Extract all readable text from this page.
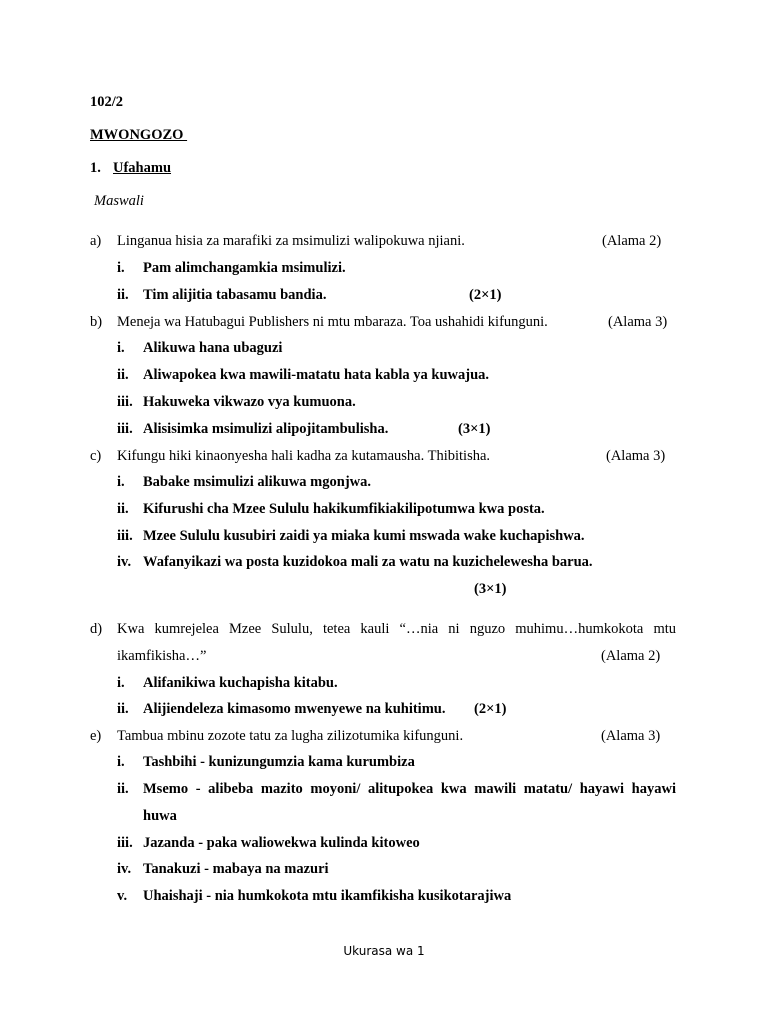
102/2
MWONGOZO
1. Ufahamu
Maswali
a) Linganua hisia za marafiki za msimulizi walipokuwa njiani.	(Alama 2)
i. Pam alimchangamkia msimulizi.
ii. Tim alijitia tabasamu bandia.	(2×1)
b) Meneja wa Hatubagui Publishers ni mtu mbaraza. Toa ushahidi kifunguni.	(Alama 3)
i. Alikuwa hana ubaguzi
ii. Aliwapokea kwa mawili-matatu hata kabla ya kuwajua.
iii. Hakuweka vikwazo vya kumuona.
iii. Alisisimka msimulizi alipojitambulisha.	(3×1)
c) Kifungu hiki kinaonyesha hali kadha za kutamausha. Thibitisha.	(Alama 3)
i. Babake msimulizi alikuwa mgonjwa.
ii. Kifurushi cha Mzee Sululu hakikumfikiakilipotumwa kwa posta.
iii. Mzee Sululu kusubiri zaidi ya miaka kumi mswada wake kuchapishwa.
iv. Wafanyikazi wa posta kuzidokoa mali za watu na kuzichelewesha barua.
(3×1)
d) Kwa kumrejelea Mzee Sululu, tetea kauli “…nia ni nguzo muhimu…humkokota mtu
ikamfikisha…”	(Alama 2)
i. Alifanikiwa kuchapisha kitabu.
ii. Alijiendeleza kimasomo mwenyewe na kuhitimu. (2×1)
e) Tambua mbinu zozote tatu za lugha zilizotumika kifunguni.	(Alama 3)
i. Tashbihi - kunizungumzia kama kurumbiza
ii. Msemo - alibeba mazito moyoni/ alitupokea kwa mawili matatu/ hayawi hayawi
huwa
iii. Jazanda - paka waliowekwa kulinda kitoweo
iv. Tanakuzi - mabaya na mazuri
v. Uhaishaji - nia humkokota mtu ikamfikisha kusikotarajiwa
Ukurasa wa 1
